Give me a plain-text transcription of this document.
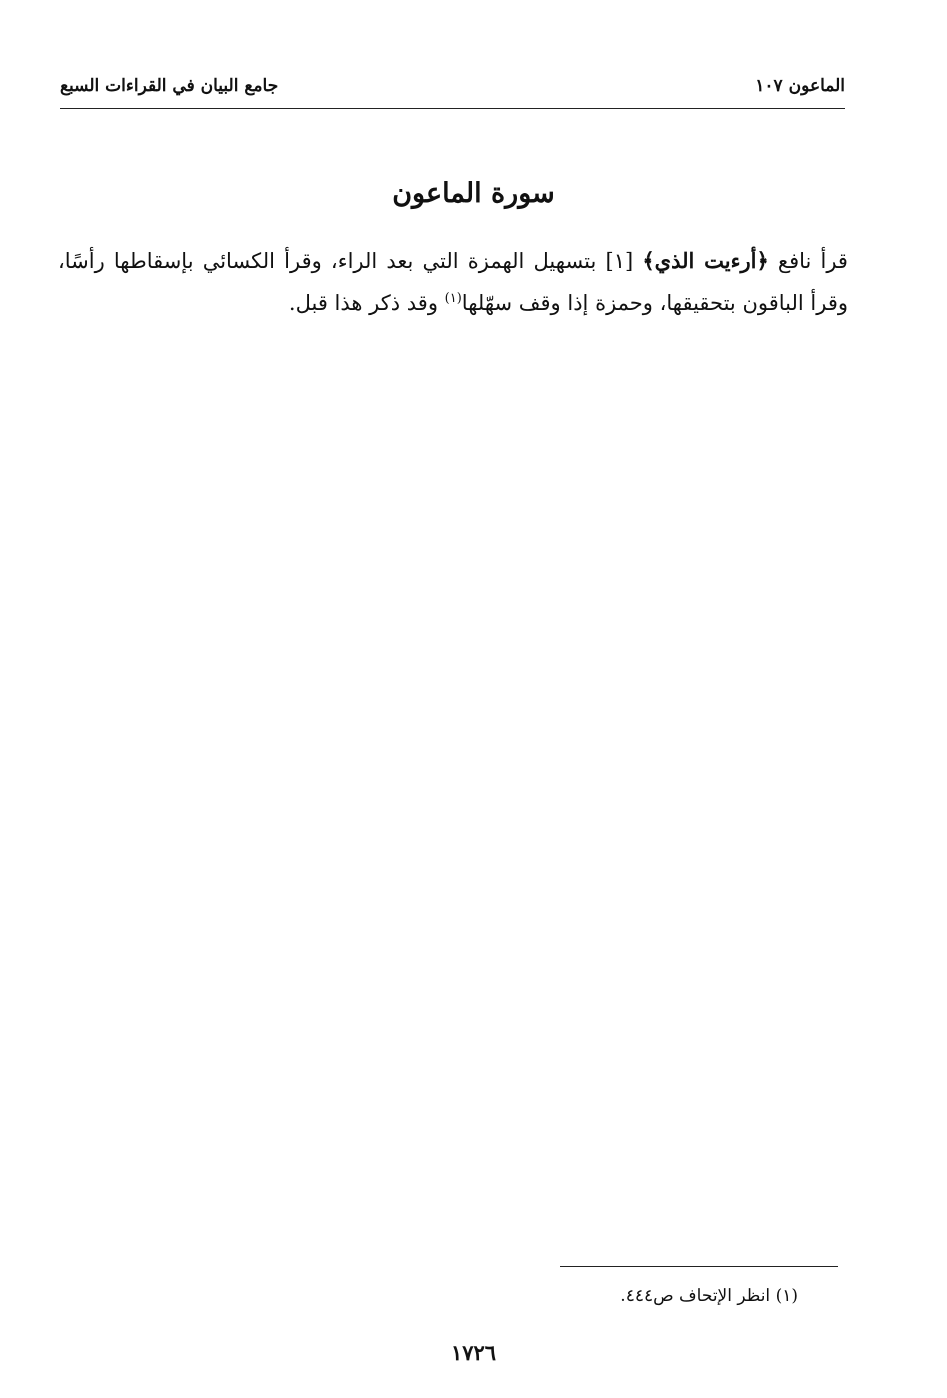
الماعون١٠٧
جامع البيان في القراءات السبع
سورة الماعون
قرأ نافع ﴿أرءيت الذي﴾ [١] بتسهيل الهمزة التي بعد الراء، وقرأ الكسائي بإسقاطها رأسًا، وقرأ الباقون بتحقيقها، وحمزة إذا وقف سهّلها$^{(١)}$ وقد ذكر هذا قبل.
(١) انظر الإتحاف ص٤٤٤.
١٧٢٦
